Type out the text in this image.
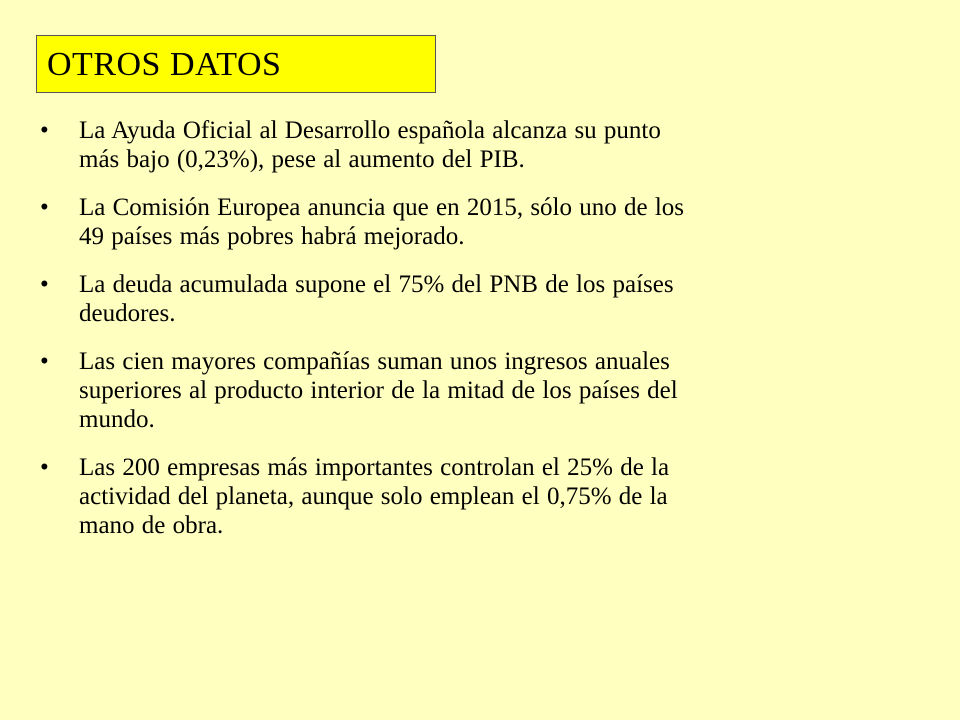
OTROS DATOS
• La Ayuda Oficial al Desarrollo española alcanza su punto
más bajo (0,23%), pese al aumento del PIB.
• La Comisión Europea anuncia que en 2015, sólo uno de los
49 países más pobres habrá mejorado.
• La deuda acumulada supone el 75% del PNB de los países
deudores.
• Las cien mayores compañías suman unos ingresos anuales
superiores al producto interior de la mitad de los países del
mundo.
• Las 200 empresas más importantes controlan el 25% de la
actividad del planeta, aunque solo emplean el 0,75% de la
mano de obra.
